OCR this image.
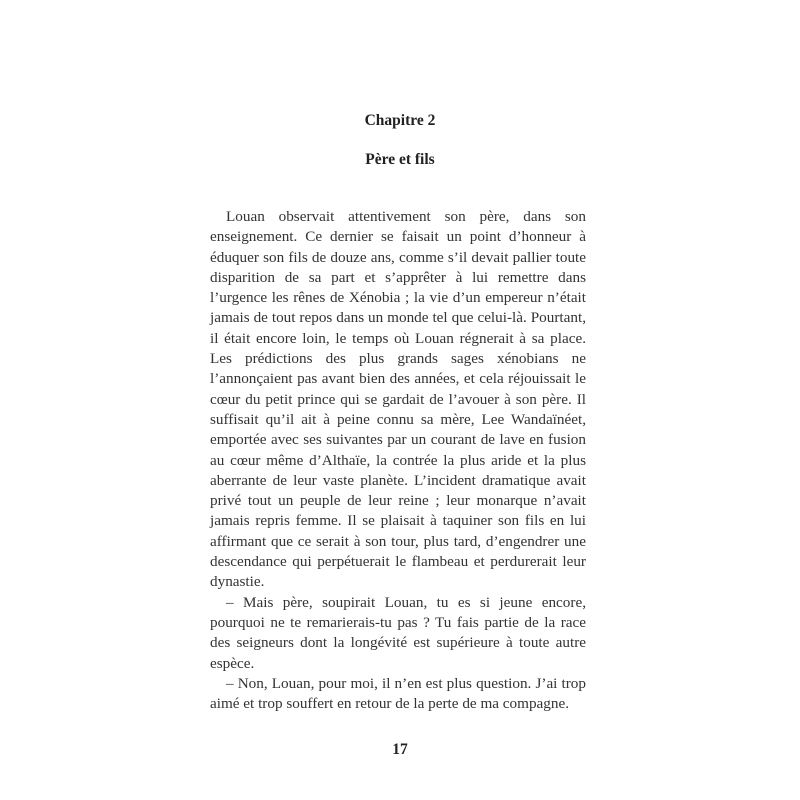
Chapitre 2
Père et fils

Louan observait attentivement son père, dans son enseignement. Ce dernier se faisait un point d’honneur à éduquer son fils de douze ans, comme s’il devait pallier toute disparition de sa part et s’apprêter à lui remettre dans l’urgence les rênes de Xénobia ; la vie d’un empereur n’était jamais de tout repos dans un monde tel que celui-là. Pourtant, il était encore loin, le temps où Louan régnerait à sa place. Les prédictions des plus grands sages xénobians ne l’annonçaient pas avant bien des années, et cela réjouissait le cœur du petit prince qui se gardait de l’avouer à son père. Il suffisait qu’il ait à peine connu sa mère, Lee Wandaïnéet, emportée avec ses suivantes par un courant de lave en fusion au cœur même d’Althaïe, la contrée la plus aride et la plus aberrante de leur vaste planète. L’incident dramatique avait privé tout un peuple de leur reine ; leur monarque n’avait jamais repris femme. Il se plaisait à taquiner son fils en lui affirmant que ce serait à son tour, plus tard, d’engendrer une descendance qui perpétuerait le flambeau et perdurerait leur dynastie.

– Mais père, soupirait Louan, tu es si jeune encore, pourquoi ne te remarierais-tu pas ? Tu fais partie de la race des seigneurs dont la longévité est supérieure à toute autre espèce.

– Non, Louan, pour moi, il n’en est plus question. J’ai trop aimé et trop souffert en retour de la perte de ma compagne.

17
